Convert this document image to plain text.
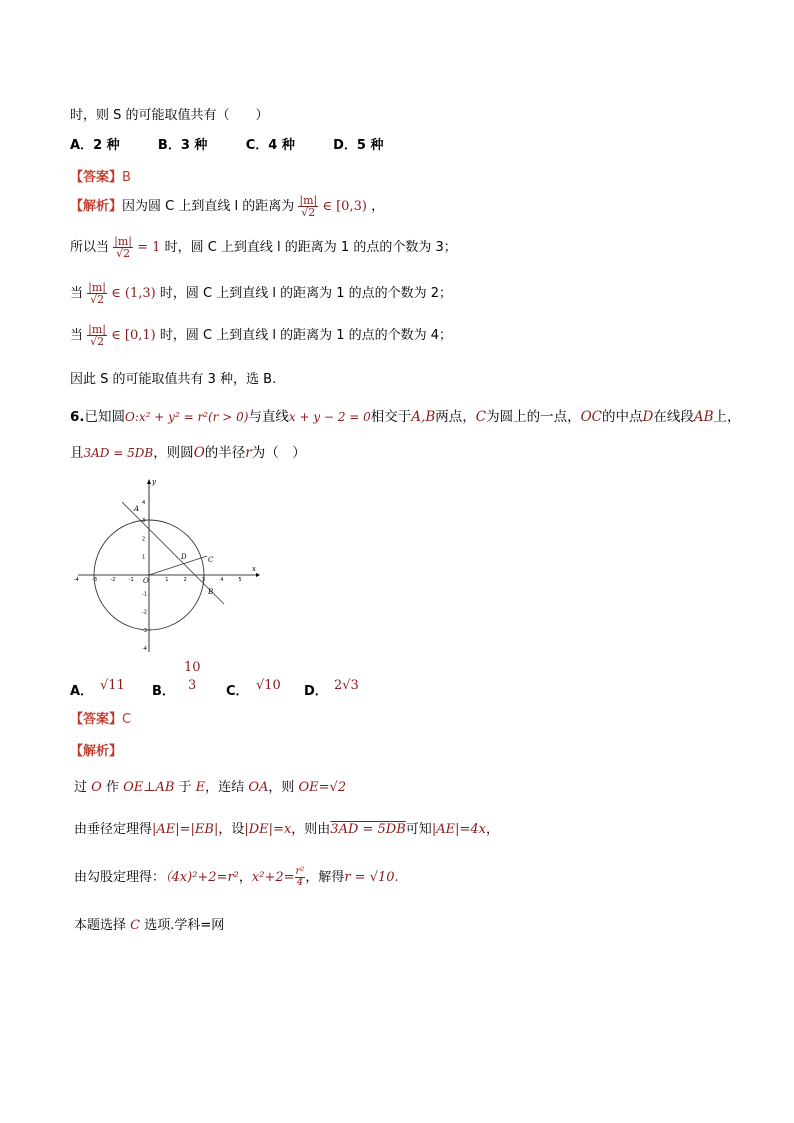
时，则 S 的可能取值共有（　　）
A．2 种	B．3 种	C．4 种	D．5 种
【答案】B
【解析】因为圆 C 上到直线 l 的距离为 $\frac{|m|}{√2}$ ∈ [0,3) ，
所以当 $\frac{|m|}{√2} = 1$ 时，圆 C 上到直线 l 的距离为 1 的点的个数为 3；
当 $\frac{|m|}{√2}$ ∈ (1,3) 时，圆 C 上到直线 l 的距离为 1 的点的个数为 2；
当 $\frac{|m|}{√2}$ ∈ [0,1) 时，圆 C 上到直线 l 的距离为 1 的点的个数为 4；
因此 S 的可能取值共有 3 种，选 B.
6.已知圆O:x² + y² = r²(r > 0)与直线x + y − 2 = 0相交于A,B两点，C为圆上的一点，OC的中点D在线段AB上，
且3AD = 5DB，则圆O的半径r为（　）
A
B
C
D
x
y
O
-4	-3	-2	-1	1	2	3	4	5
4
3
2
1
-1
-2
-3
-4
A． √11 B．
10
3 C． √10 D． 2√3
【答案】C
【解析】
过 O 作 OE⊥AB 于 E，连结 OA，则 OE=√2
由垂径定理得|AE|=|EB|，设|DE|=x，则由3AD = 5DB可知|AE|=4x，
由勾股定理得：（4x)²+2=r²，$x^2+2= \frac{\text{r²}}{4}$ ，解得r = √10.
本题选择 C 选项.学科=网
